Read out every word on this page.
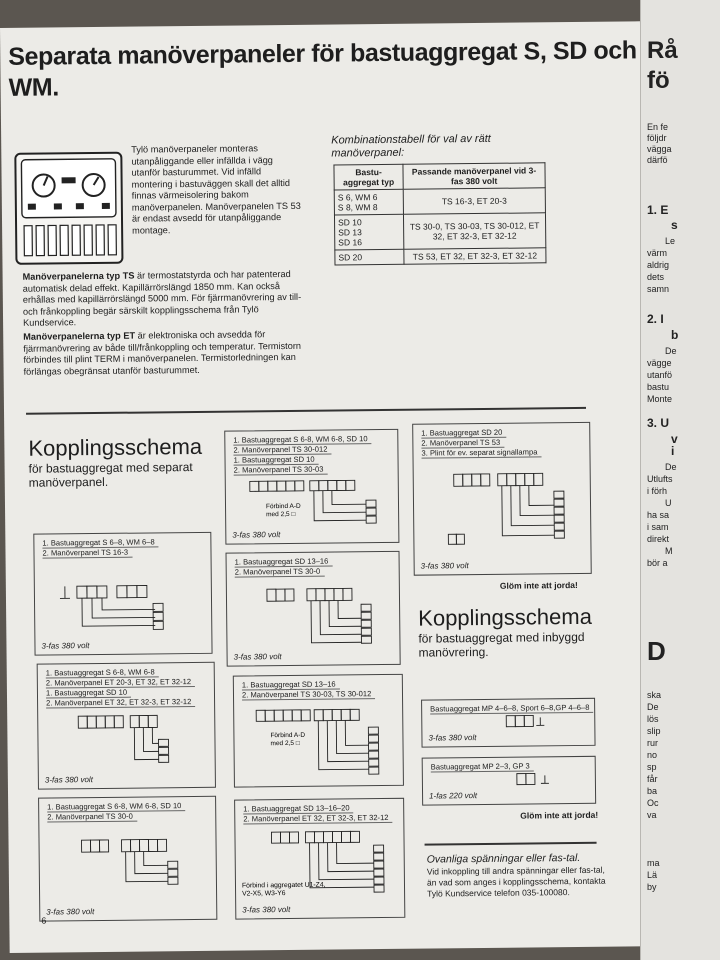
Separata manöverpaneler för bastuaggregat S, SD och WM.
Tylö manöverpaneler monteras utanpåliggande eller infällda i vägg utanför basturummet. Vid infälld montering i bastuväggen skall det alltid finnas värmeisolering bakom manöverpanelen. Manöverpanelen TS 53 är endast avsedd för utanpåliggande montage.
Manöverpanelerna typ TS är termostatstyrda och har patenterad automatisk delad effekt. Kapillärrörslängd 1850 mm. Kan också erhållas med kapillärrörslängd 5000 mm. För fjärrmanövrering av till- och frånkoppling begär särskilt kopplingsschema från Tylö Kundservice.
Manöverpanelerna typ ET är elektroniska och avsedda för fjärrmanövrering av både till/frånkoppling och temperatur. Termistorn förbindes till plint TERM i manöverpanelen. Termistorledningen kan förlängas obegränsat utanför basturummet.
Kombinationstabell för val av rätt manöverpanel:
Bastu-aggregat typ	Passande manöverpanel vid 3-fas 380 volt
S 6, WM 6
S 8, WM 8	TS 16-3, ET 20-3
SD 10
SD 13
SD 16	TS 30-0, TS 30-03, TS 30-012, ET 32, ET 32-3, ET 32-12
SD 20	TS 53, ET 32, ET 32-3, ET 32-12
Kopplingsschema
för bastuaggregat med separat manöverpanel.
1. Bastuaggregat S 6–8, WM 6–8
2. Manöverpanel TS 16-3
3-fas 380 volt
1. Bastuaggregat S 6-8, WM 6-8, SD 10
2. Manöverpanel TS 30-012
1. Bastuaggregat SD 10
2. Manöverpanel TS 30-03
Förbind A-D med 2,5 □
3-fas 380 volt
1. Bastuaggregat SD 20
2. Manöverpanel TS 53
3. Plint för ev. separat signallampa
3-fas 380 volt
Glöm inte att jorda!
1. Bastuaggregat SD 13–16
2. Manöverpanel TS 30-0
3-fas 380 volt
Kopplingsschema
för bastuaggregat med inbyggd manövrering.
1. Bastuaggregat S 6-8, WM 6-8
2. Manöverpanel ET 20-3, ET 32, ET 32-12
1. Bastuaggregat SD 10
2. Manöverpanel ET 32, ET 32-3, ET 32-12
3-fas 380 volt
1. Bastuaggregat SD 13–16
2. Manöverpanel TS 30-03, TS 30-012
Förbind A-D med 2,5 □
Bastuaggregat MP 4–6–8, Sport 6–8,GP 4–6–8
3-fas 380 volt
Bastuaggregat MP 2–3, GP 3
1-fas 220 volt
Glöm inte att jorda!
1. Bastuaggregat S 6-8, WM 6-8, SD 10
2. Manöverpanel TS 30-0
3-fas 380 volt
1. Bastuaggregat SD 13–16–20
2. Manöverpanel ET 32, ET 32-3, ET 32-12
Förbind i aggregatet U1-Z4, V2-X5, W3-Y6
3-fas 380 volt
Ovanliga spänningar eller fas-tal.
Vid inkoppling till andra spänningar eller fas-tal, än vad som anges i kopplingsschema, kontakta Tylö Kundservice telefon 035-100080.
6
Rå
fö
En fe
följdr
vägga
därfö
1. E
s
Le
värm
aldrig
dets
samn
2. I
b
De
vägge
utanfö
bastu
Monte
3. U
v
i
De
Utlufts
i förh
U
ha sa
i sam
direkt
M
bör a
D
ska
De
lös
slip
rur
no
sp
får
ba
Oc
va
ma
Lä
by
